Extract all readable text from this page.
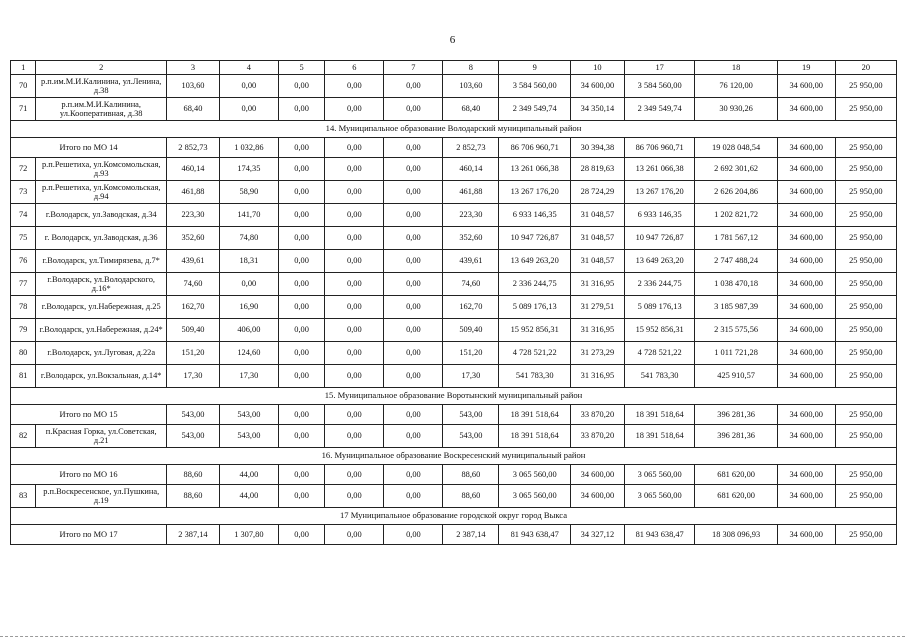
6
1	2	3	4	5	6	7	8	9	10	17	18	19	20
70	р.п.им.М.И.Калинина, ул.Ленина, д.38	103,60	0,00	0,00	0,00	0,00	103,60	3 584 560,00	34 600,00	3 584 560,00	76 120,00	34 600,00	25 950,00
71	р.п.им.М.И.Калинина, ул.Кооперативная, д.38	68,40	0,00	0,00	0,00	0,00	68,40	2 349 549,74	34 350,14	2 349 549,74	30 930,26	34 600,00	25 950,00
14. Муниципальное образование Володарский муниципальный район													
Итого по МО 14		2 852,73	1 032,86	0,00	0,00	0,00	2 852,73	86 706 960,71	30 394,38	86 706 960,71	19 028 048,54	34 600,00	25 950,00
72	р.п.Решетиха, ул.Комсомольская, д.93	460,14	174,35	0,00	0,00	0,00	460,14	13 261 066,38	28 819,63	13 261 066,38	2 692 301,62	34 600,00	25 950,00
73	р.п.Решетиха, ул.Комсомольская, д.94	461,88	58,90	0,00	0,00	0,00	461,88	13 267 176,20	28 724,29	13 267 176,20	2 626 204,86	34 600,00	25 950,00
74	г.Володарск, ул.Заводская, д.34	223,30	141,70	0,00	0,00	0,00	223,30	6 933 146,35	31 048,57	6 933 146,35	1 202 821,72	34 600,00	25 950,00
75	г. Володарск, ул.Заводская, д.36	352,60	74,80	0,00	0,00	0,00	352,60	10 947 726,87	31 048,57	10 947 726,87	1 781 567,12	34 600,00	25 950,00
76	г.Володарск, ул.Тимирязева, д.7*	439,61	18,31	0,00	0,00	0,00	439,61	13 649 263,20	31 048,57	13 649 263,20	2 747 488,24	34 600,00	25 950,00
77	г.Володарск, ул.Володарского, д.16*	74,60	0,00	0,00	0,00	0,00	74,60	2 336 244,75	31 316,95	2 336 244,75	1 038 470,18	34 600,00	25 950,00
78	г.Володарск, ул.Набережная, д.25	162,70	16,90	0,00	0,00	0,00	162,70	5 089 176,13	31 279,51	5 089 176,13	3 185 987,39	34 600,00	25 950,00
79	г.Володарск, ул.Набережная, д.24*	509,40	406,00	0,00	0,00	0,00	509,40	15 952 856,31	31 316,95	15 952 856,31	2 315 575,56	34 600,00	25 950,00
80	г.Володарск, ул.Луговая, д.22а	151,20	124,60	0,00	0,00	0,00	151,20	4 728 521,22	31 273,29	4 728 521,22	1 011 721,28	34 600,00	25 950,00
81	г.Володарск, ул.Вокзальная, д.14*	17,30	17,30	0,00	0,00	0,00	17,30	541 783,30	31 316,95	541 783,30	425 910,57	34 600,00	25 950,00
15. Муниципальное образование Воротынский муниципальный район													
Итого по МО 15		543,00	543,00	0,00	0,00	0,00	543,00	18 391 518,64	33 870,20	18 391 518,64	396 281,36	34 600,00	25 950,00
82	п.Красная Горка, ул.Советская, д.21	543,00	543,00	0,00	0,00	0,00	543,00	18 391 518,64	33 870,20	18 391 518,64	396 281,36	34 600,00	25 950,00
16. Муниципальное образование Воскресенский муниципальный район													
Итого по МО 16		88,60	44,00	0,00	0,00	0,00	88,60	3 065 560,00	34 600,00	3 065 560,00	681 620,00	34 600,00	25 950,00
83	р.п.Воскресенское, ул.Пушкина, д.19	88,60	44,00	0,00	0,00	0,00	88,60	3 065 560,00	34 600,00	3 065 560,00	681 620,00	34 600,00	25 950,00
17 Муниципальное образование городской округ город Выкса													
Итого по МО 17		2 387,14	1 307,80	0,00	0,00	0,00	2 387,14	81 943 638,47	34 327,12	81 943 638,47	18 308 096,93	34 600,00	25 950,00
